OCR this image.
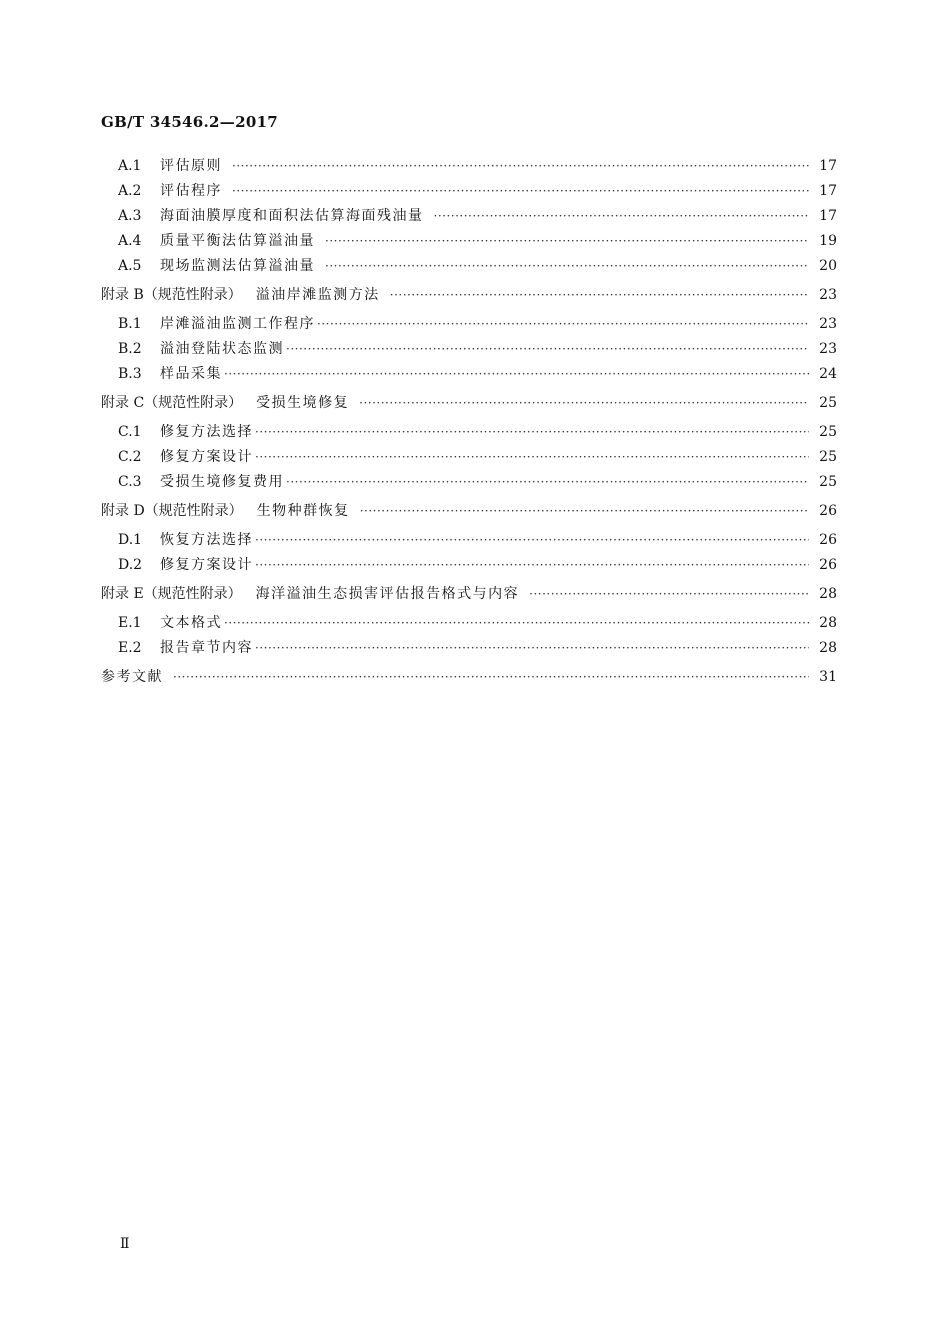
GB/T 34546.2—2017
A.1	评估原则 ·····	17
A.2	评估程序 ·····	17
A.3	海面油膜厚度和面积法估算海面残油量 ·····	17
A.4	质量平衡法估算溢油量 ·····	19
A.5	现场监测法估算溢油量 ·····	20
附录 B（规范性附录） 溢油岸滩监测方法 ·····	23
B.1	岸滩溢油监测工作程序 ·····	23
B.2	溢油登陆状态监测 ·····	23
B.3	样品采集 ·····	24
附录 C（规范性附录） 受损生境修复 ·····	25
C.1	修复方法选择 ·····	25
C.2	修复方案设计 ·····	25
C.3	受损生境修复费用 ·····	25
附录 D（规范性附录） 生物种群恢复 ·····	26
D.1	恢复方法选择 ·····	26
D.2	修复方案设计 ·····	26
附录 E（规范性附录） 海洋溢油生态损害评估报告格式与内容 ·····	28
E.1	文本格式 ·····	28
E.2	报告章节内容 ·····	28
参考文献 ·····	31
Ⅱ
